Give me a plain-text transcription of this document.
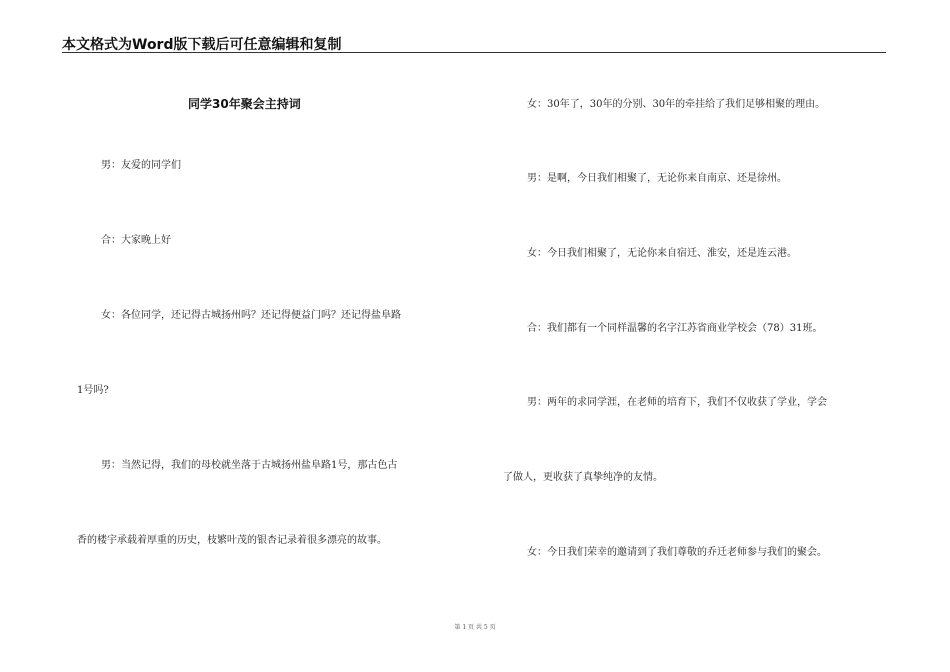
本文格式为Word版下载后可任意编辑和复制
同学30年聚会主持词
男：友爱的同学们
合：大家晚上好
女：各位同学，还记得古城扬州吗？还记得便益门吗？还记得盐阜路
1号吗?
男：当然记得，我们的母校就坐落于古城扬州盐阜路1号，那古色古
香的楼宇承载着厚重的历史，枝繁叶茂的银杏记录着很多漂亮的故事。
女：30年了，30年的分别、30年的牵挂给了我们足够相聚的理由。
男：是啊，今日我们相聚了，无论你来自南京、还是徐州。
女：今日我们相聚了，无论你来自宿迁、淮安，还是连云港。
合：我们都有一个同样温馨的名字江苏省商业学校会（78）31班。
男：两年的求同学涯，在老师的培育下，我们不仅收获了学业，学会
了做人，更收获了真挚纯净的友情。
女：今日我们荣幸的邀请到了我们尊敬的乔迁老师参与我们的聚会。
第 1 页 共 5 页
